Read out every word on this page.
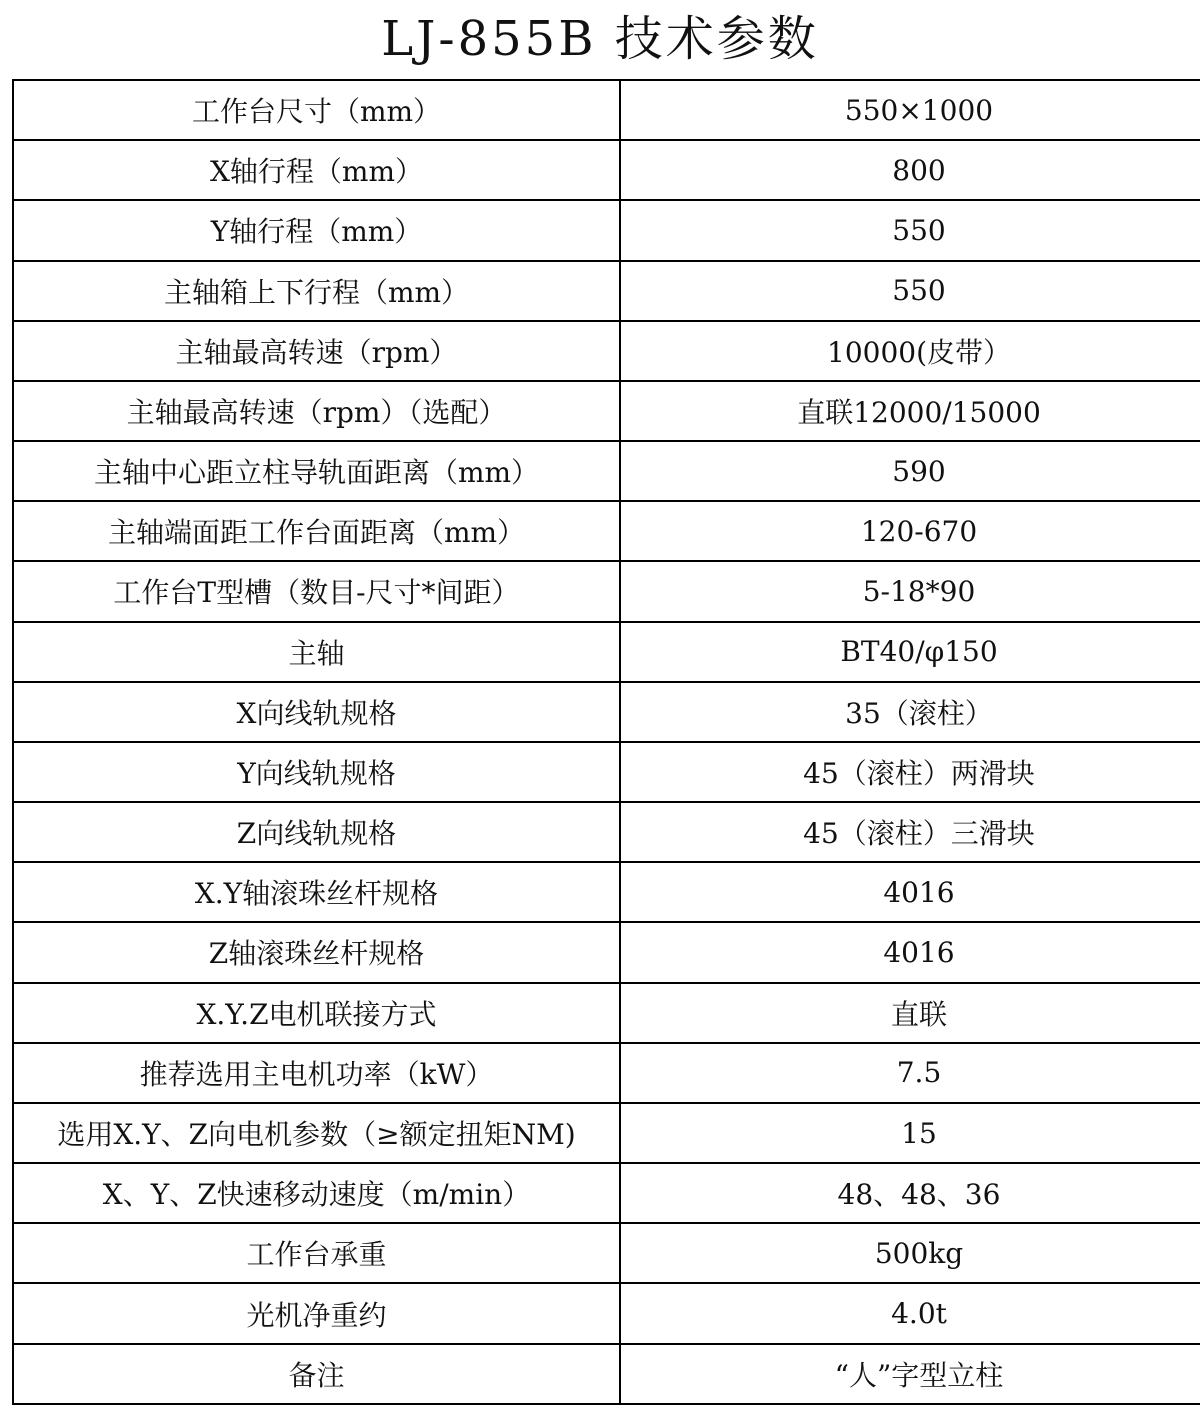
LJ-855B 技术参数
工作台尺寸（mm）	550×1000
X轴行程（mm）	800
Y轴行程（mm）	550
主轴箱上下行程（mm）	550
主轴最高转速（rpm）	10000(皮带）
主轴最高转速（rpm）（选配）	直联12000/15000
主轴中心距立柱导轨面距离（mm）	590
主轴端面距工作台面距离（mm）	120-670
工作台T型槽（数目-尺寸*间距）	5-18*90
主轴	BT40/φ150
X向线轨规格	35（滚柱）
Y向线轨规格	45（滚柱）两滑块
Z向线轨规格	45（滚柱）三滑块
X.Y轴滚珠丝杆规格	4016
Z轴滚珠丝杆规格	4016
X.Y.Z电机联接方式	直联
推荐选用主电机功率（kW）	7.5
选用X.Y、Z向电机参数（≥额定扭矩NM)	15
X、Y、Z快速移动速度（m/min）	48、48、36
工作台承重	500kg
光机净重约	4.0t
备注	“人”字型立柱
